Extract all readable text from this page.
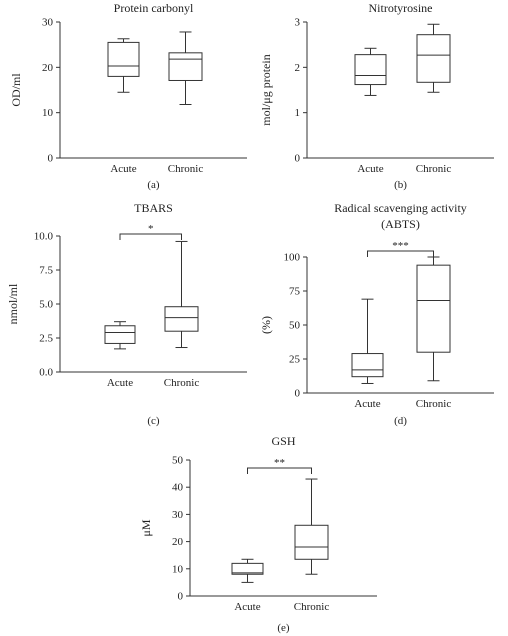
0
10
20
30
Protein carbonyl
OD/ml
Acute	Chronic
(a)
0
1
2
3
Nitrotyrosine
mol/μg protein
Acute	Chronic
(b)
0.0
2.5
5.0
7.5
10.0
TBARS
nmol/ml
Acute	Chronic
*
(c)
0
25
50
75
100
Radical scavenging activity
(ABTS)
(%)
Acute	Chronic
***
(d)
0
10
20
30
40
50
GSH
μM
Acute	Chronic
**
(e)
